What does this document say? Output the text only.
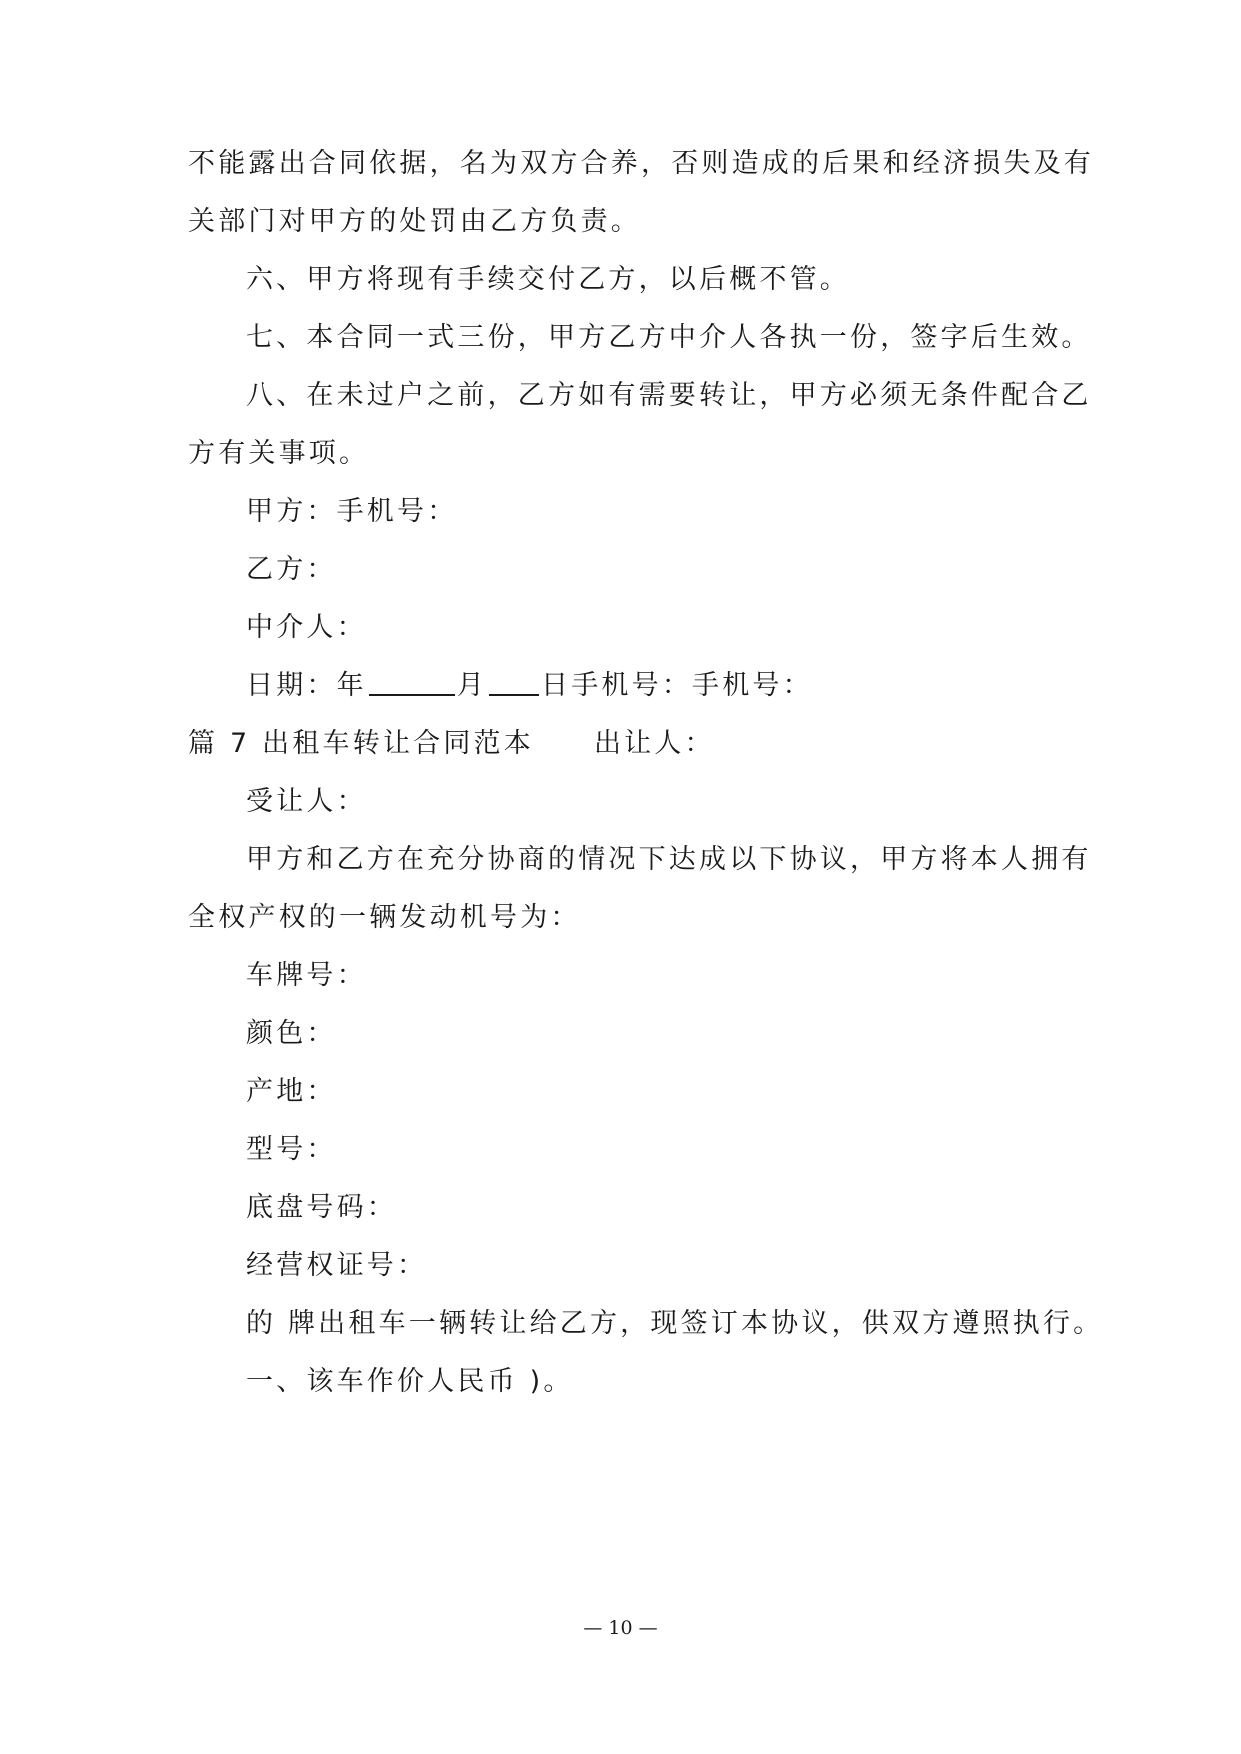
不能露出合同依据，名为双方合养，否则造成的后果和经济损失及有
关部门对甲方的处罚由乙方负责。
六、甲方将现有手续交付乙方，以后概不管。
七、本合同一式三份，甲方乙方中介人各执一份，签字后生效。
八、在未过户之前，乙方如有需要转让，甲方必须无条件配合乙
方有关事项。
甲方：手机号：
乙方：
中介人：
日期：年	月 日手机号：手机号：
篇 7 出租车转让合同范本 出让人：
受让人：
甲方和乙方在充分协商的情况下达成以下协议，甲方将本人拥有
全权产权的一辆发动机号为：
车牌号：
颜色：
产地：
型号：
底盘号码：
经营权证号：
的 牌出租车一辆转让给乙方，现签订本协议，供双方遵照执行。
一、该车作价人民币 )。
— 10 —
